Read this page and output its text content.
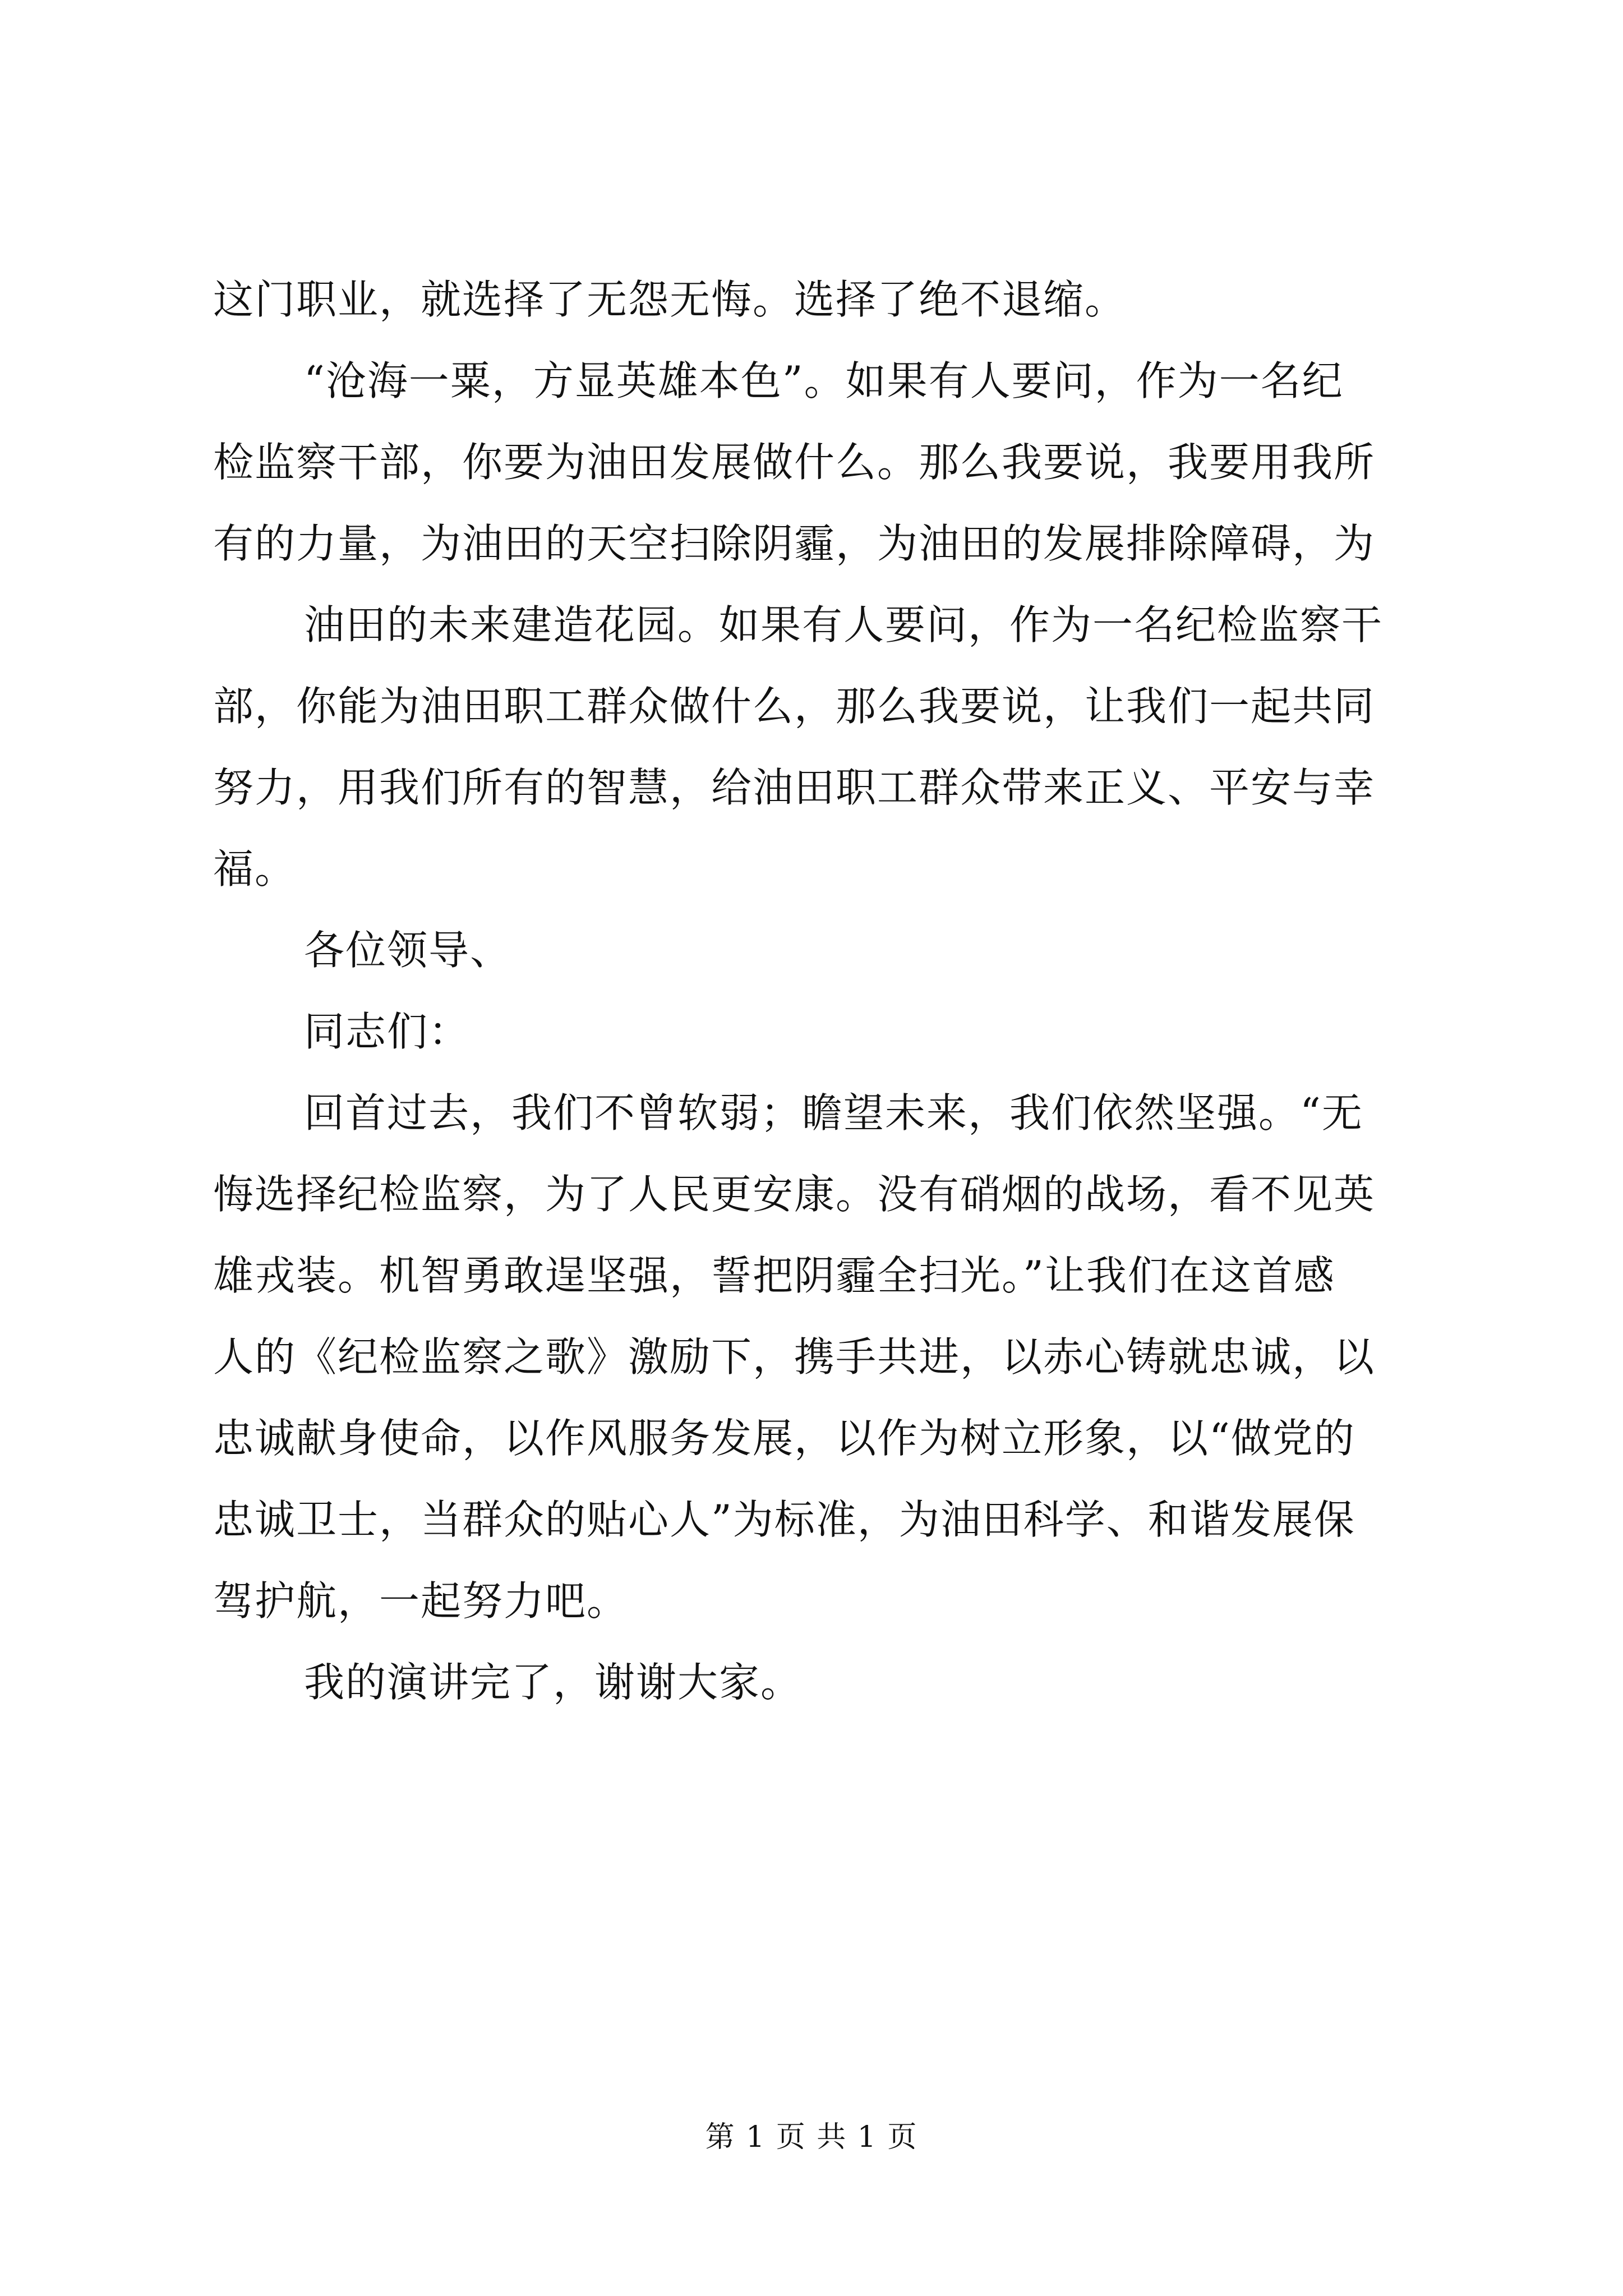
这门职业，就选择了无怨无悔。选择了绝不退缩。
“沧海一粟，方显英雄本色”。如果有人要问，作为一名纪
检监察干部，你要为油田发展做什么。那么我要说，我要用我所
有的力量，为油田的天空扫除阴霾，为油田的发展排除障碍，为
油田的未来建造花园。如果有人要问，作为一名纪检监察干
部，你能为油田职工群众做什么，那么我要说，让我们一起共同
努力，用我们所有的智慧，给油田职工群众带来正义、平安与幸
福。
各位领导、
同志们：
回首过去，我们不曾软弱；瞻望未来，我们依然坚强。“无
悔选择纪检监察，为了人民更安康。没有硝烟的战场，看不见英
雄戎装。机智勇敢逞坚强，誓把阴霾全扫光。”让我们在这首感
人的《纪检监察之歌》激励下，携手共进，以赤心铸就忠诚，以
忠诚献身使命，以作风服务发展，以作为树立形象，以“做党的
忠诚卫士，当群众的贴心人”为标准，为油田科学、和谐发展保
驾护航，一起努力吧。
我的演讲完了，谢谢大家。
第 1 页 共 1 页
